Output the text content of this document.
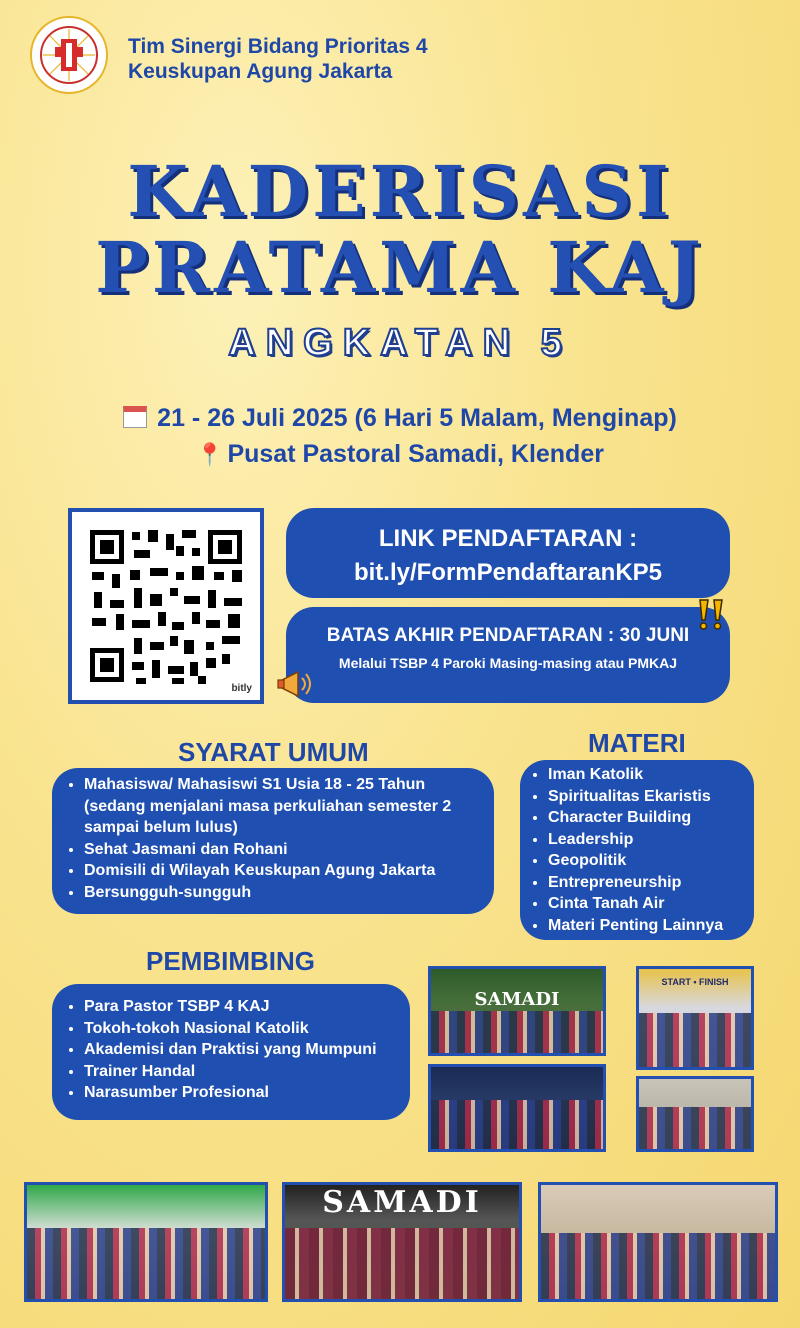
Tim Sinergi Bidang Prioritas 4
Keuskupan Agung Jakarta
KADERISASI
PRATAMA KAJ
ANGKATAN 5
21 - 26 Juli 2025 (6 Hari 5 Malam, Menginap)
📍 Pusat Pastoral Samadi, Klender
bitly
LINK PENDAFTARAN :
bit.ly/FormPendaftaranKP5
BATAS AKHIR PENDAFTARAN : 30 JUNI
Melalui TSBP 4 Paroki Masing-masing atau PMKAJ
SYARAT UMUM
• Mahasiswa/ Mahasiswi S1 Usia 18 - 25 Tahun (sedang menjalani masa perkuliahan semester 2 sampai belum lulus)
• Sehat Jasmani dan Rohani
• Domisili di Wilayah Keuskupan Agung Jakarta
• Bersungguh-sungguh
MATERI
• Iman Katolik
• Spiritualitas Ekaristis
• Character Building
• Leadership
• Geopolitik
• Entrepreneurship
• Cinta Tanah Air
• Materi Penting Lainnya
PEMBIMBING
• Para Pastor TSBP 4 KAJ
• Tokoh-tokoh Nasional Katolik
• Akademisi dan Praktisi yang Mumpuni
• Trainer Handal
• Narasumber Profesional
SAMADI
START • FINISH
SAMADI
